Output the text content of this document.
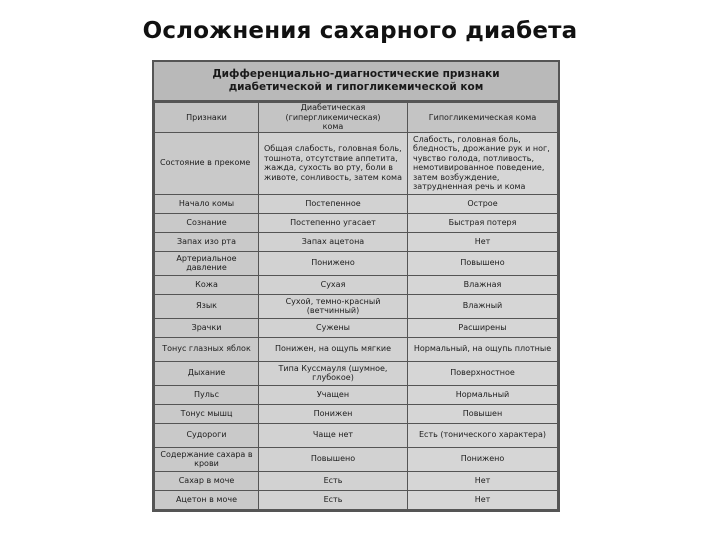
Осложнения сахарного диабета
Дифференциально-диагностические признаки
диабетической и гипогликемической ком
Признаки	Диабетическая (гипергликемическая) кома	Гипогликемическая кома
Состояние в прекоме	Общая слабость, головная боль, тошнота, отсутствие аппетита, жажда, сухость во рту, боли в животе, сонливость, затем кома	Слабость, головная боль, бледность, дрожание рук и ног, чувство голода, потливость, немотивированное поведение, затем возбуждение, затрудненная речь и кома
Начало комы	Постепенное	Острое
Сознание	Постепенно угасает	Быстрая потеря
Запах изо рта	Запах ацетона	Нет
Артериальное давление	Понижено	Повышено
Кожа	Сухая	Влажная
Язык	Сухой, темно-красный (ветчинный)	Влажный
Зрачки	Сужены	Расширены
Тонус глазных яблок	Понижен, на ощупь мягкие	Нормальный, на ощупь плотные
Дыхание	Типа Куссмауля (шумное, глубокое)	Поверхностное
Пульс	Учащен	Нормальный
Тонус мышц	Понижен	Повышен
Судороги	Чаще нет	Есть (тонического характера)
Содержание сахара в крови	Повышено	Понижено
Сахар в моче	Есть	Нет
Ацетон в моче	Есть	Нет
